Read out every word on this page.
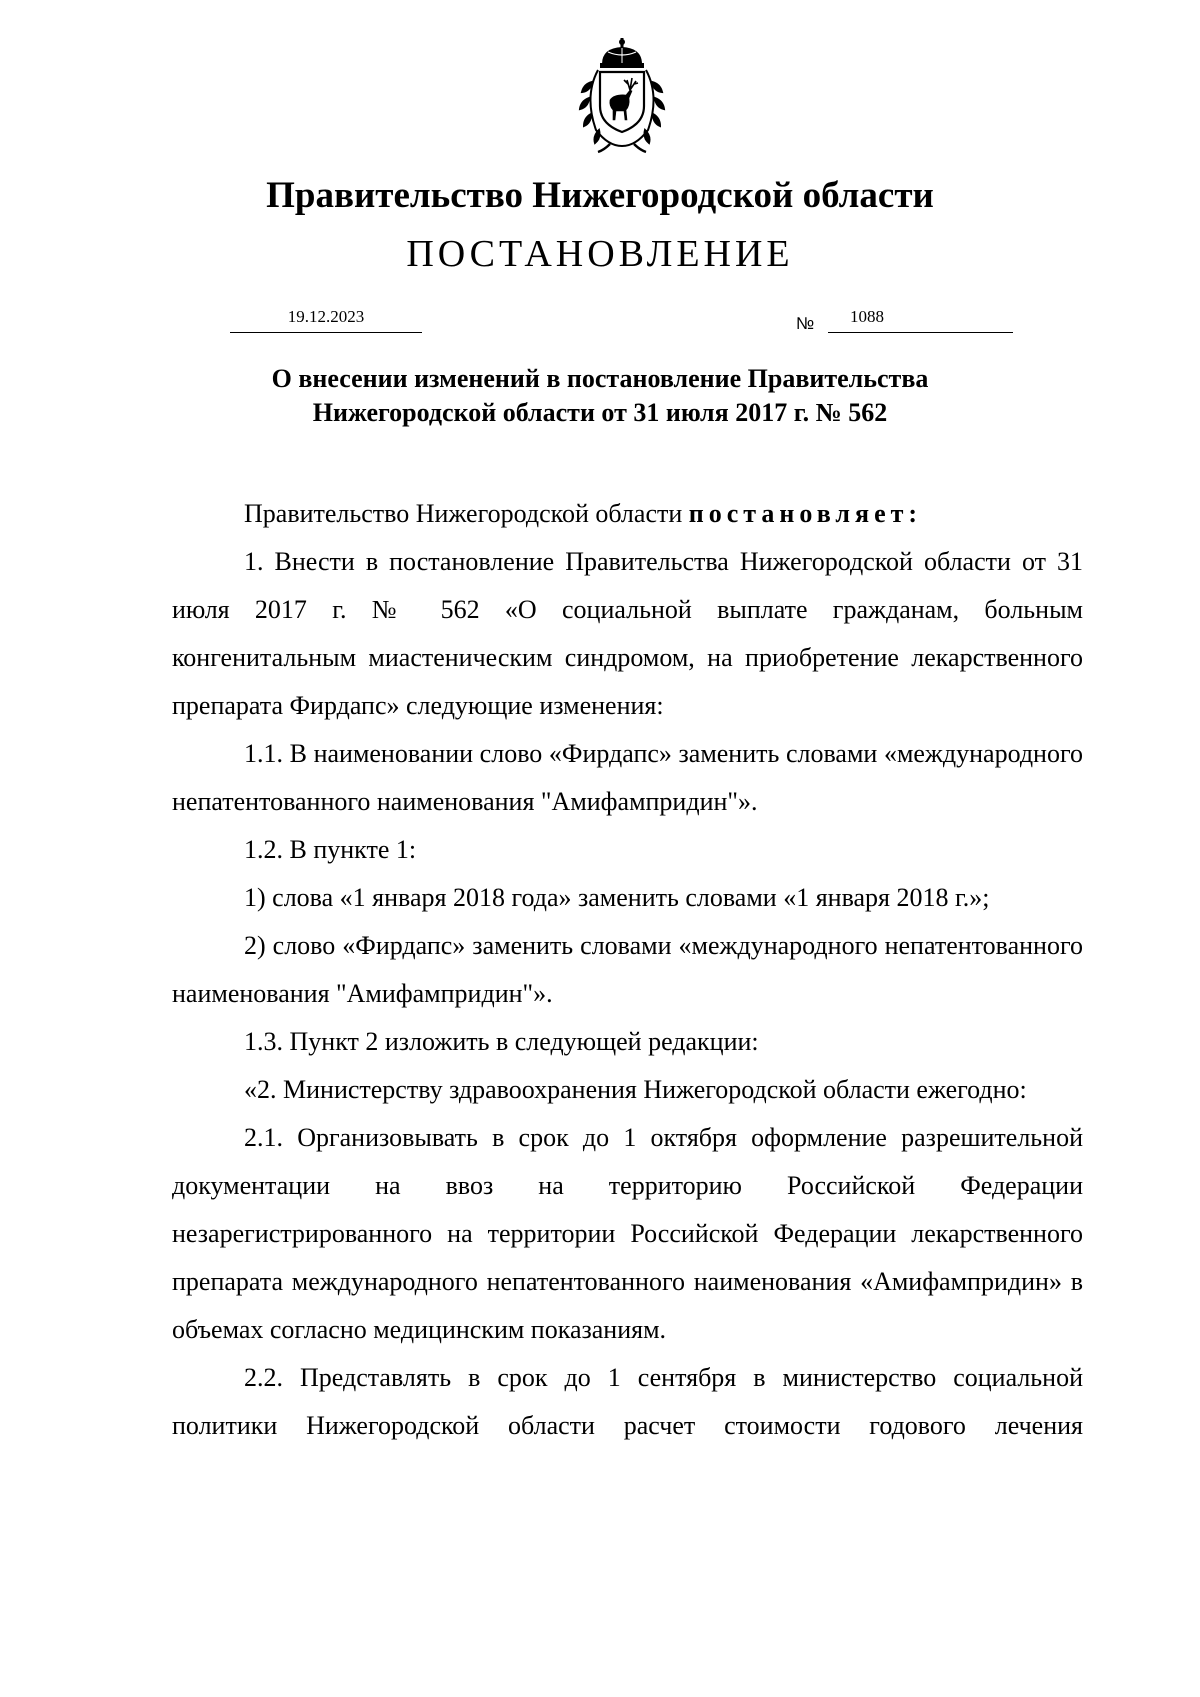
Правительство Нижегородской области
ПОСТАНОВЛЕНИЕ
19.12.2023	№ 1088
О внесении изменений в постановление Правительства
Нижегородской области от 31 июля 2017 г. № 562

Правительство Нижегородской области постановляет:

1. Внести в постановление Правительства Нижегородской области от 31 июля 2017 г. № 562 «О социальной выплате гражданам, больным конгенитальным миастеническим синдромом, на приобретение лекарственного препарата Фирдапс» следующие изменения:

1.1. В наименовании слово «Фирдапс» заменить словами «международного непатентованного наименования "Амифампридин"».

1.2. В пункте 1:

1) слова «1 января 2018 года» заменить словами «1 января 2018 г.»;

2) слово «Фирдапс» заменить словами «международного непатентованного наименования "Амифампридин"».

1.3. Пункт 2 изложить в следующей редакции:

«2. Министерству здравоохранения Нижегородской области ежегодно:

2.1. Организовывать в срок до 1 октября оформление разрешительной документации на ввоз на территорию Российской Федерации незарегистрированного на территории Российской Федерации лекарственного препарата международного непатентованного наименования «Амифампридин» в объемах согласно медицинским показаниям.

2.2. Представлять в срок до 1 сентября в министерство социальной политики Нижегородской области расчет стоимости годового лечения
